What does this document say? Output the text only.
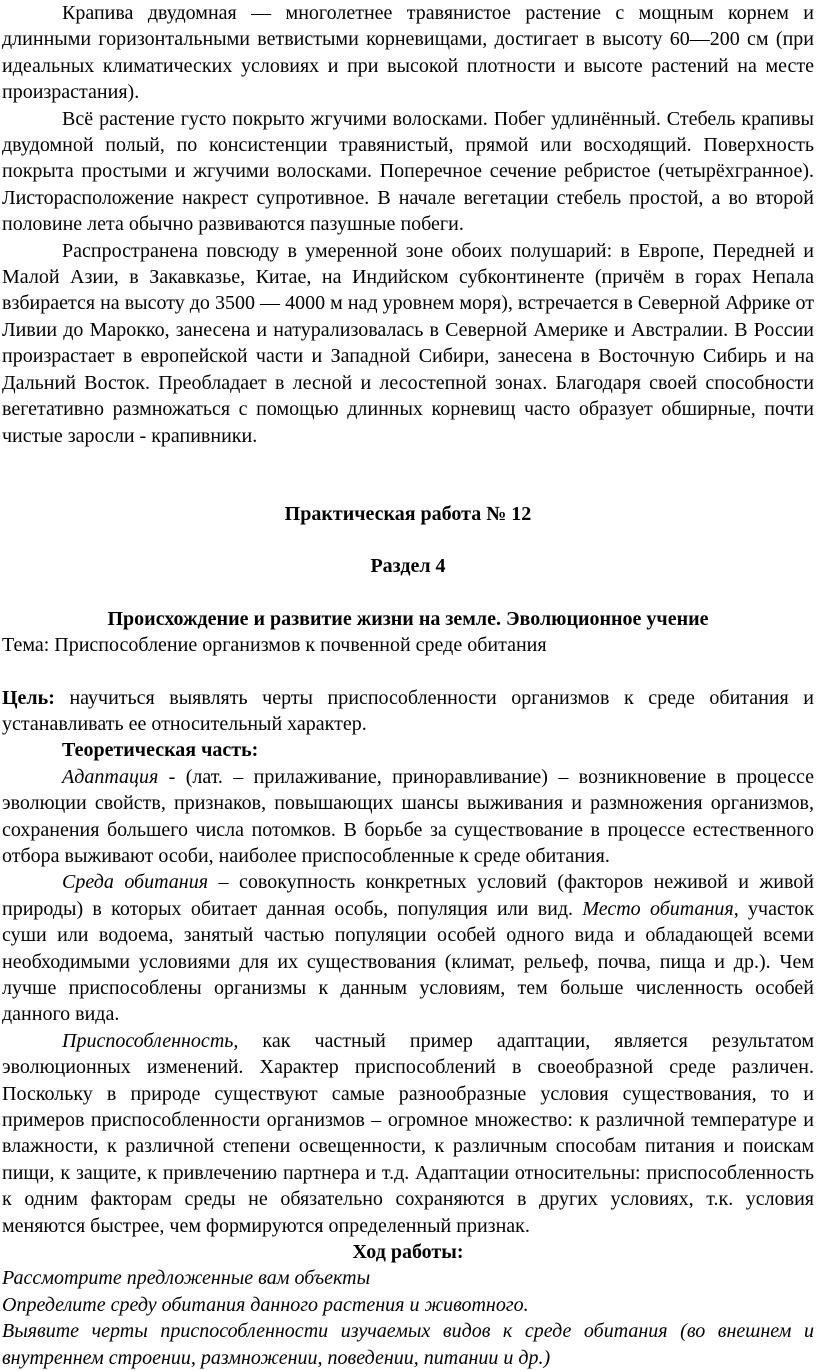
Крапива двудомная — многолетнее травянистое растение с мощным корнем и длинными горизонтальными ветвистыми корневищами, достигает в высоту 60—200 см (при идеальных климатических условиях и при высокой плотности и высоте растений на месте произрастания).

Всё растение густо покрыто жгучими волосками. Побег удлинённый. Стебель крапивы двудомной полый, по консистенции травянистый, прямой или восходящий. Поверхность покрыта простыми и жгучими волосками. Поперечное сечение ребристое (четырёхгранное). Листорасположение накрест супротивное. В начале вегетации стебель простой, а во второй половине лета обычно развиваются пазушные побеги.

Распространена повсюду в умеренной зоне обоих полушарий: в Европе, Передней и Малой Азии, в Закавказье, Китае, на Индийском субконтиненте (причём в горах Непала взбирается на высоту до 3500 — 4000 м над уровнем моря), встречается в Северной Африке от Ливии до Марокко, занесена и натурализовалась в Северной Америке и Австралии. В России произрастает в европейской части и Западной Сибири, занесена в Восточную Сибирь и на Дальний Восток. Преобладает в лесной и лесостепной зонах. Благодаря своей способности вегетативно размножаться с помощью длинных корневищ часто образует обширные, почти чистые заросли - крапивники.

Практическая работа № 12

Раздел 4

Происхождение и развитие жизни на земле. Эволюционное учение

Тема: Приспособление организмов к почвенной среде обитания

Цель: научиться выявлять черты приспособленности организмов к среде обитания и устанавливать ее относительный характер.

Теоретическая часть:

Адаптация - (лат. – прилаживание, приноравливание) – возникновение в процессе эволюции свойств, признаков, повышающих шансы выживания и размножения организмов, сохранения большего числа потомков. В борьбе за существование в процессе естественного отбора выживают особи, наиболее приспособленные к среде обитания.

Среда обитания – совокупность конкретных условий (факторов неживой и живой природы) в которых обитает данная особь, популяция или вид. Место обитания, участок суши или водоема, занятый частью популяции особей одного вида и обладающей всеми необходимыми условиями для их существования (климат, рельеф, почва, пища и др.). Чем лучше приспособлены организмы к данным условиям, тем больше численность особей данного вида.

Приспособленность, как частный пример адаптации, является результатом эволюционных изменений. Характер приспособлений в своеобразной среде различен. Поскольку в природе существуют самые разнообразные условия существования, то и примеров приспособленности организмов – огромное множество: к различной температуре и влажности, к различной степени освещенности, к различным способам питания и поискам пищи, к защите, к привлечению партнера и т.д. Адаптации относительны: приспособленность к одним факторам среды не обязательно сохраняются в других условиях, т.к. условия меняются быстрее, чем формируются определенный признак.

Ход работы:

Рассмотрите предложенные вам объекты

Определите среду обитания данного растения и животного.

Выявите черты приспособленности изучаемых видов к среде обитания (во внешнем и внутреннем строении, размножении, поведении, питании и др.)
